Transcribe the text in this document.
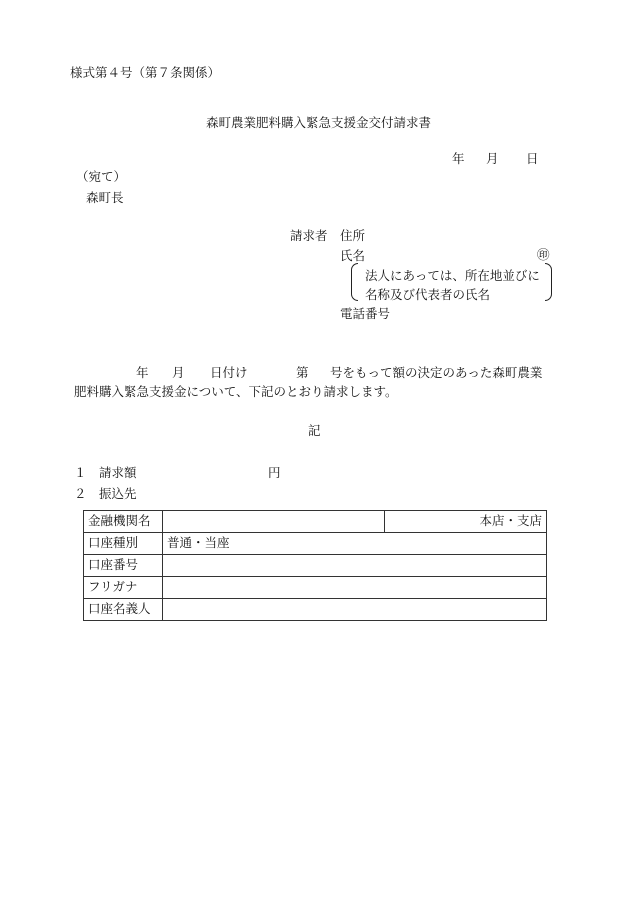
様式第４号（第７条関係）
森町農業肥料購入緊急支援金交付請求書
年 月 日
（宛て）
森町長
請求者 住所
氏名	㊞
法人にあっては、所在地並びに
名称及び代表者の氏名
電話番号
年 月 日付け	第 号をもって額の決定のあった森町農業
肥料購入緊急支援金について、下記のとおり請求します。
記
１　請求額	円
２　振込先
金融機関名		本店・支店
口座種別	普通・当座	
口座番号		
フリガナ		
口座名義人		
